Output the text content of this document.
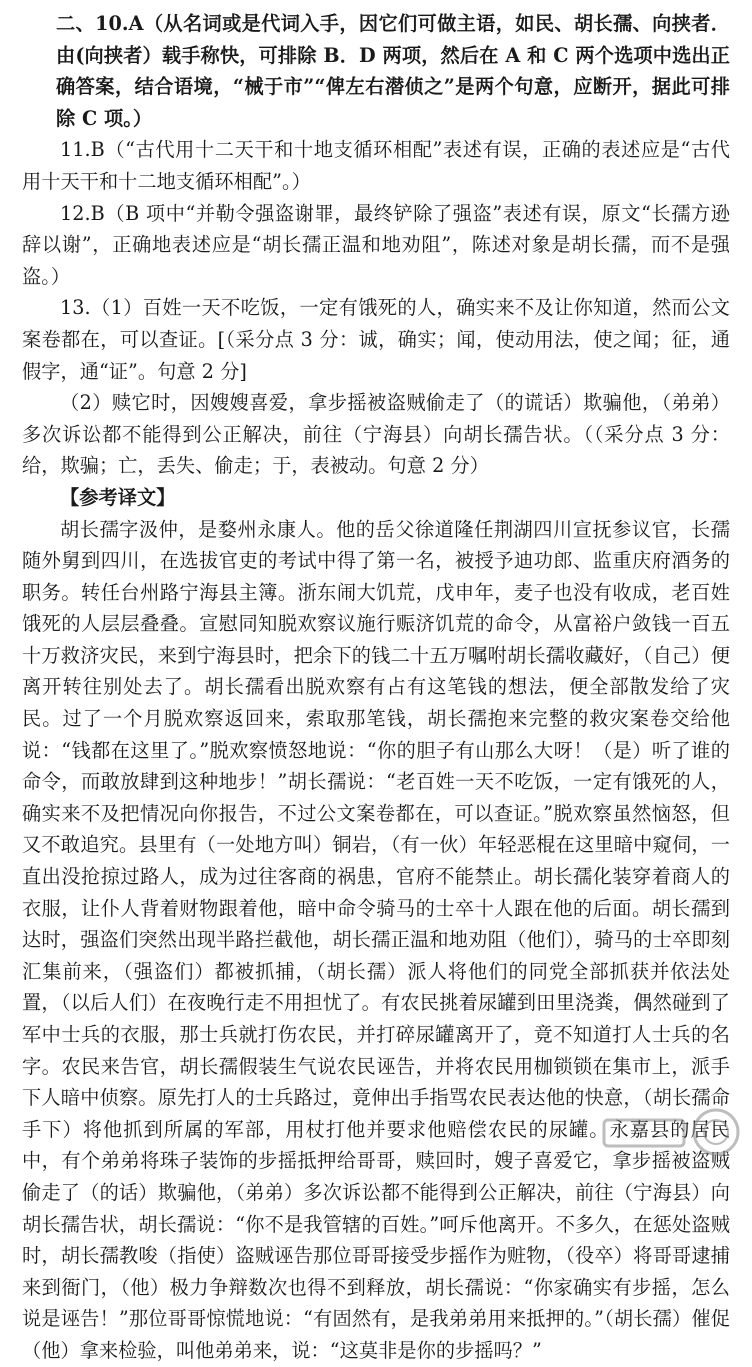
二、10.A（从名词或是代词入手，因它们可做主语，如民、胡长孺、向挟者．由(向挟者）载手称快，可排除 B．D 两项，然后在 A 和 C 两个选项中选出正确答案，结合语境，“械于市”“俾左右潜侦之”是两个句意，应断开，据此可排除 C 项。）

11.B（“古代用十二天干和十地支循环相配”表述有误，正确的表述应是“古代用十天干和十二地支循环相配”。）

12.B（B 项中“并勒令强盗谢罪，最终铲除了强盗”表述有误，原文“长孺方逊辞以谢”，正确地表述应是“胡长孺正温和地劝阻”，陈述对象是胡长孺，而不是强盗。）

13.（1）百姓一天不吃饭，一定有饿死的人，确实来不及让你知道，然而公文案卷都在，可以查证。[（采分点 3 分：诚，确实；闻，使动用法，使之闻；征，通假字，通“证”。句意 2 分]

（2）赎它时，因嫂嫂喜爱，拿步摇被盗贼偷走了（的谎话）欺骗他，（弟弟）多次诉讼都不能得到公正解决，前往（宁海县）向胡长孺告状。（（采分点 3 分：给，欺骗；亡，丢失、偷走；于，表被动。句意 2 分）

【参考译文】

胡长孺字汲仲，是婺州永康人。他的岳父徐道隆任荆湖四川宣抚参议官，长孺随外舅到四川，在选拔官吏的考试中得了第一名，被授予迪功郎、监重庆府酒务的职务。转任台州路宁海县主簿。浙东闹大饥荒，戊申年，麦子也没有收成，老百姓饿死的人层层叠叠。宣慰同知脱欢察议施行赈济饥荒的命令，从富裕户敛钱一百五十万救济灾民，来到宁海县时，把余下的钱二十五万嘱咐胡长孺收藏好，（自己）便离开转往别处去了。胡长孺看出脱欢察有占有这笔钱的想法，便全部散发给了灾民。过了一个月脱欢察返回来，索取那笔钱，胡长孺抱来完整的救灾案卷交给他说：“钱都在这里了。”脱欢察愤怒地说：“你的胆子有山那么大呀！（是）听了谁的命令，而敢放肆到这种地步！”胡长孺说：“老百姓一天不吃饭，一定有饿死的人，确实来不及把情况向你报告，不过公文案卷都在，可以查证。”脱欢察虽然恼怒，但又不敢追究。县里有（一处地方叫）铜岩，（有一伙）年轻恶棍在这里暗中窥伺，一直出没抢掠过路人，成为过往客商的祸患，官府不能禁止。胡长孺化装穿着商人的衣服，让仆人背着财物跟着他，暗中命令骑马的士卒十人跟在他的后面。胡长孺到达时，强盗们突然出现半路拦截他，胡长孺正温和地劝阻（他们），骑马的士卒即刻汇集前来，（强盗们）都被抓捕，（胡长孺）派人将他们的同党全部抓获并依法处置，（以后人们）在夜晚行走不用担忧了。有农民挑着尿罐到田里浇粪，偶然碰到了军中士兵的衣服，那士兵就打伤农民，并打碎尿罐离开了，竟不知道打人士兵的名字。农民来告官，胡长孺假装生气说农民诬告，并将农民用枷锁锁在集市上，派手下人暗中侦察。原先打人的士兵路过，竟伸出手指骂农民表达他的快意，（胡长孺命手下）将他抓到所属的军部，用杖打他并要求他赔偿农民的尿罐。永嘉县的居民中，有个弟弟将珠子装饰的步摇抵押给哥哥，赎回时，嫂子喜爱它，拿步摇被盗贼偷走了（的话）欺骗他，（弟弟）多次诉讼都不能得到公正解决，前往（宁海县）向胡长孺告状，胡长孺说：“你不是我管辖的百姓。”呵斥他离开。不多久，在惩处盗贼时，胡长孺教唆（指使）盗贼诬告那位哥哥接受步摇作为赃物，（役卒）将哥哥逮捕来到衙门，（他）极力争辩数次也得不到释放，胡长孺说：“你家确实有步摇，怎么说是诬告！”那位哥哥惊慌地说：“有固然有，是我弟弟用来抵押的。”（胡长孺）催促（他）拿来检验，叫他弟弟来，说：“这莫非是你的步摇吗？”
